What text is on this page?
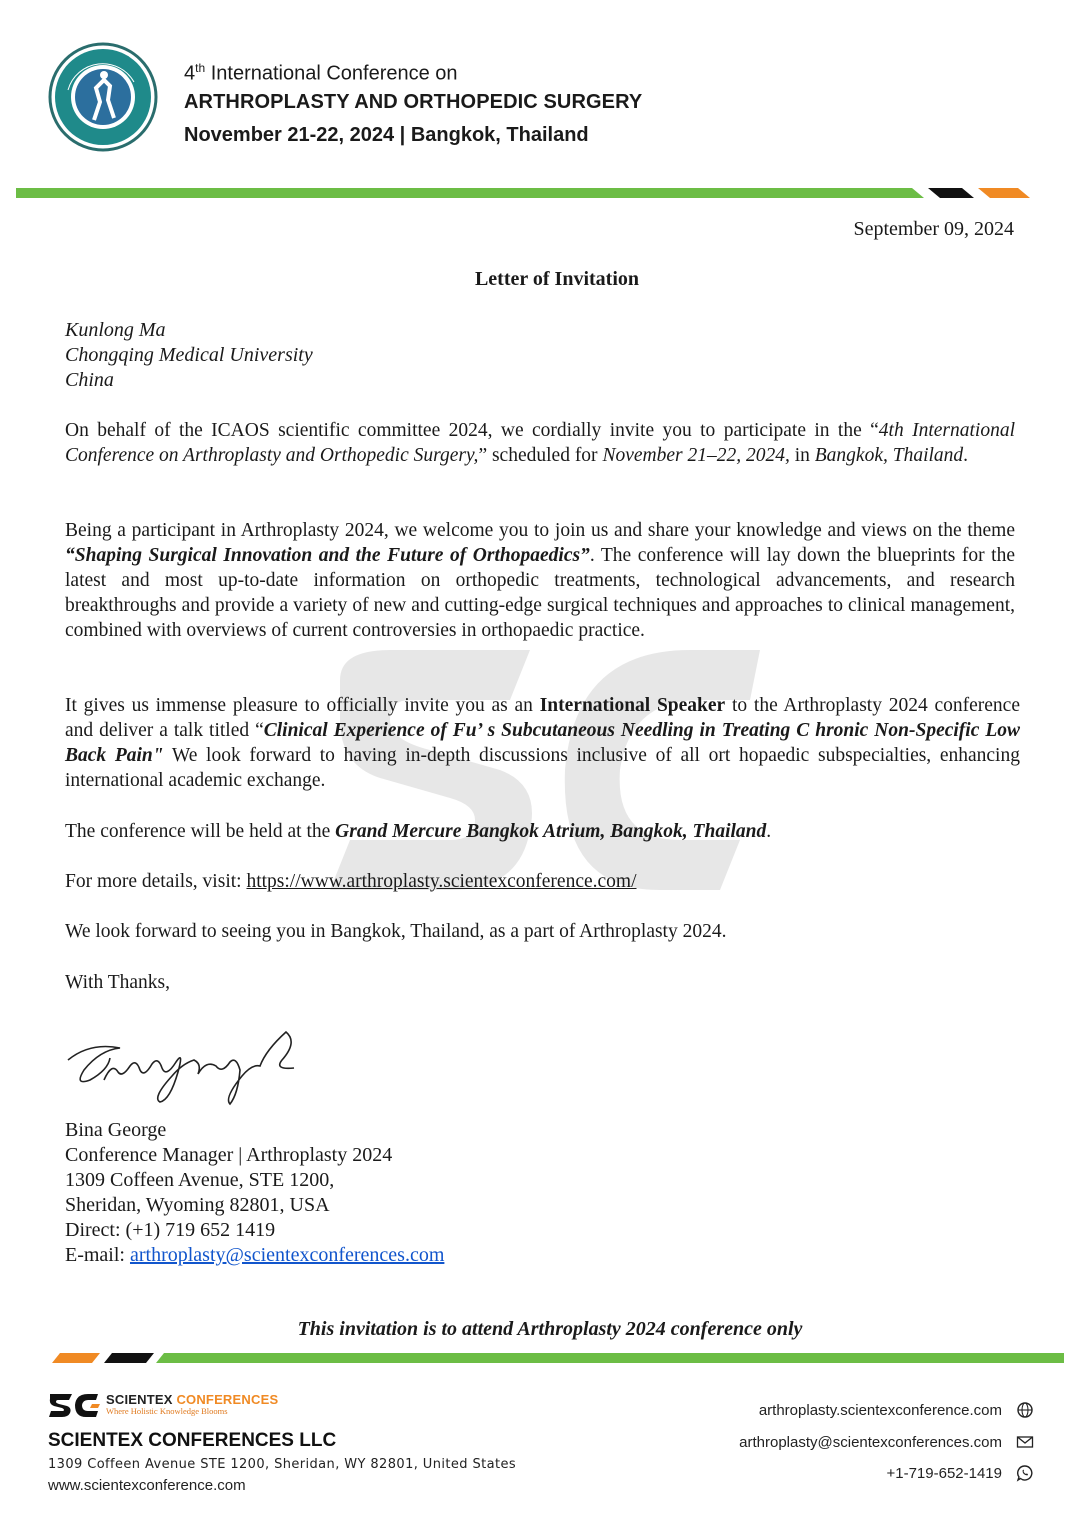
4th International Conference on
ARTHROPLASTY AND ORTHOPEDIC SURGERY
November 21-22, 2024 | Bangkok, Thailand
September 09, 2024
Letter of Invitation
Kunlong Ma
Chongqing Medical University
China
On behalf of the ICAOS scientific committee 2024, we cordially invite you to participate in the “4th International Conference on Arthroplasty and Orthopedic Surgery,” scheduled for November 21–22, 2024, in Bangkok, Thailand.
Being a participant in Arthroplasty 2024, we welcome you to join us and share your knowledge and views on the theme “Shaping Surgical Innovation and the Future of Orthopaedics”. The conference will lay down the blueprints for the latest and most up-to-date information on orthopedic treatments, technological advancements, and research breakthroughs and provide a variety of new and cutting-edge surgical techniques and approaches to clinical management, combined with overviews of current controversies in orthopaedic practice.
It gives us immense pleasure to officially invite you as an International Speaker to the Arthroplasty 2024 conference and deliver a talk titled “Clinical Experience of Fu’ s Subcutaneous Needling in Treating C hronic Non-Specific Low Back Pain" We look forward to having in-depth discussions inclusive of all ort hopaedic subspecialties, enhancing international academic exchange.
The conference will be held at the Grand Mercure Bangkok Atrium, Bangkok, Thailand.
For more details, visit: https://www.arthroplasty.scientexconference.com/
We look forward to seeing you in Bangkok, Thailand, as a part of Arthroplasty 2024.
With Thanks,
Bina George
Conference Manager | Arthroplasty 2024
1309 Coffeen Avenue, STE 1200,
Sheridan, Wyoming 82801, USA
Direct: (+1) 719 652 1419
E-mail: arthroplasty@scientexconferences.com
This invitation is to attend Arthroplasty 2024 conference only
SCIENTEX CONFERENCES
Where Holistic Knowledge Blooms
SCIENTEX CONFERENCES LLC
1309 Coffeen Avenue STE 1200, Sheridan, WY 82801, United States
www.scientexconference.com
arthroplasty.scientexconference.com
arthroplasty@scientexconferences.com
+1-719-652-1419
